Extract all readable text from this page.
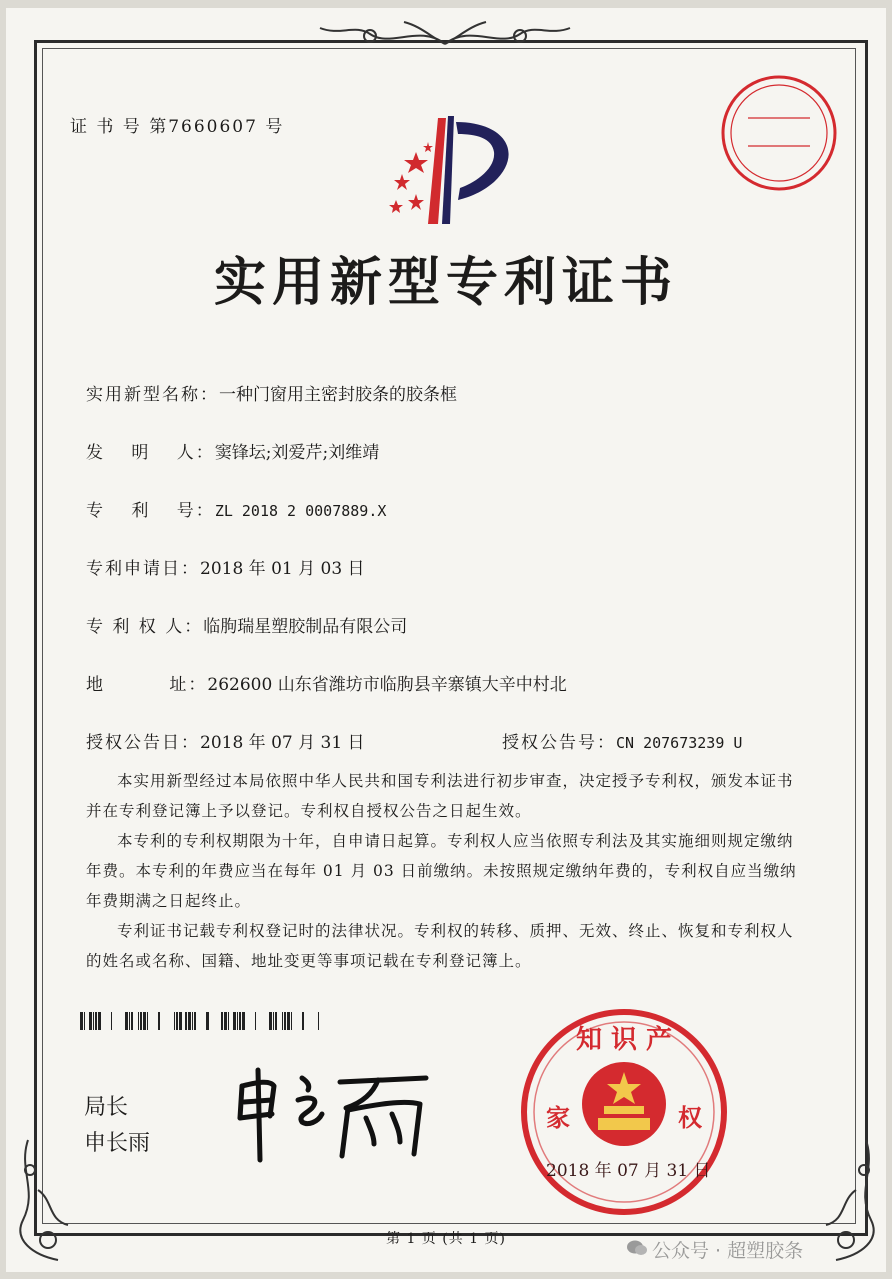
证 书 号 第7660607 号
实用新型专利证书
实用新型名称：一种门窗用主密封胶条的胶条框
发　 明　 人：窦锋坛;刘爱芹;刘维靖
专　 利　 号：ZL 2018 2 0007889.X
专利申请日：2018 年 01 月 03 日
专 利 权 人：临朐瑞星塑胶制品有限公司
地　　　 址：262600 山东省潍坊市临朐县辛寨镇大辛中村北
授权公告日：2018 年 07 月 31 日	授权公告号：CN 207673239 U
本实用新型经过本局依照中华人民共和国专利法进行初步审查，决定授予专利权，颁发本证书并在专利登记簿上予以登记。专利权自授权公告之日起生效。
本专利的专利权期限为十年，自申请日起算。专利权人应当依照专利法及其实施细则规定缴纳年费。本专利的年费应当在每年 01 月 03 日前缴纳。未按照规定缴纳年费的，专利权自应当缴纳年费期满之日起终止。
专利证书记载专利权登记时的法律状况。专利权的转移、质押、无效、终止、恢复和专利权人的姓名或名称、国籍、地址变更等事项记载在专利登记簿上。
局长
申长雨
知 识 产
家	权
2018 年 07 月 31 日
第 1 页 (共 1 页)
公众号 · 超塑胶条
